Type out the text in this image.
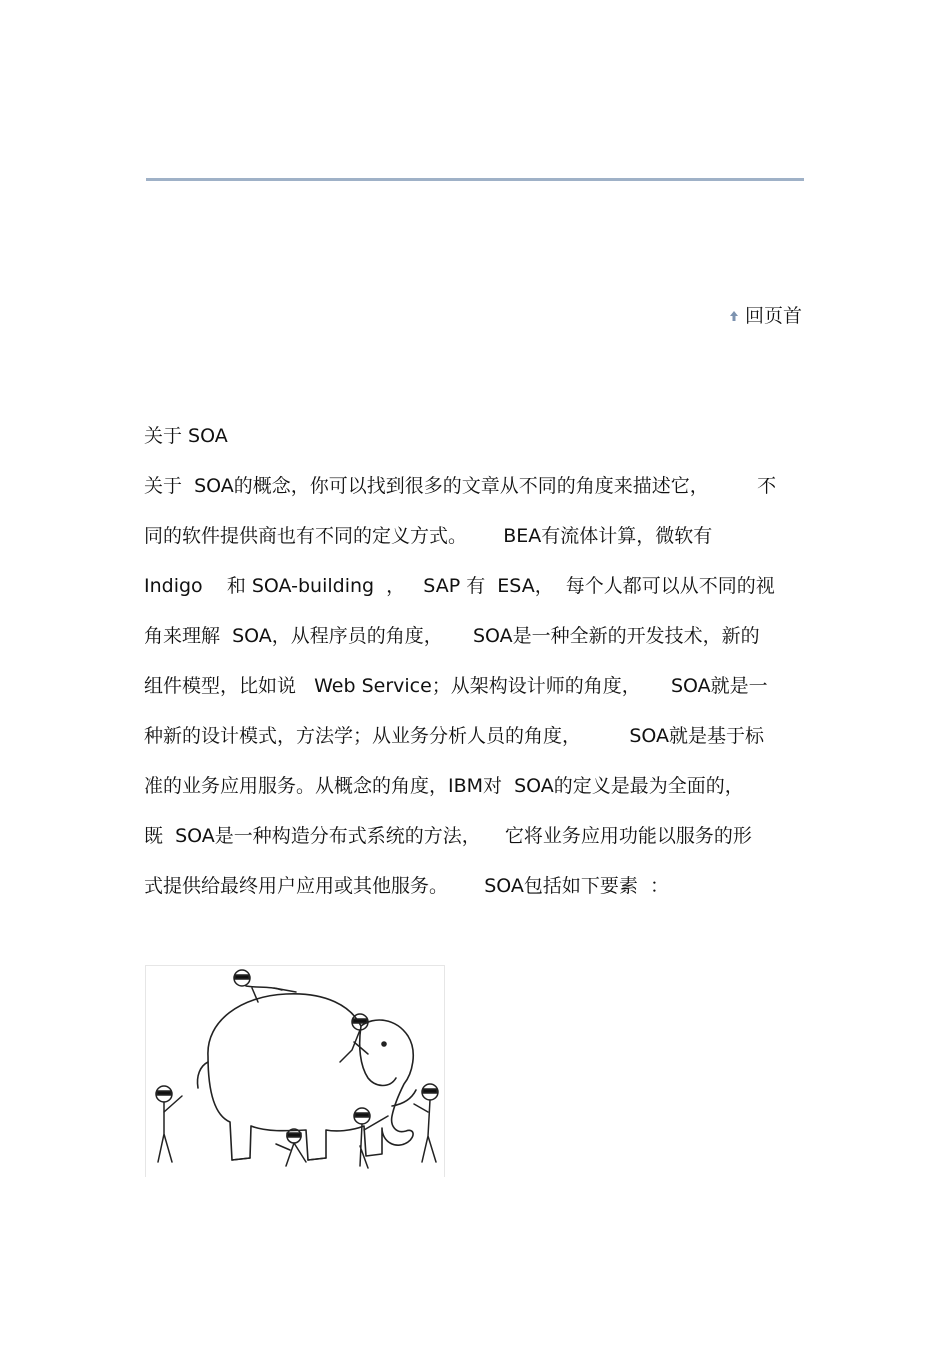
回页首
关于 SOA
关于  SOA的概念，你可以找到很多的文章从不同的角度来描述它，        不
同的软件提供商也有不同的定义方式。      BEA有流体计算，微软有
Indigo    和 SOA-building  ，   SAP 有  ESA，  每个人都可以从不同的视
角来理解  SOA，从程序员的角度，     SOA是一种全新的开发技术，新的
组件模型，比如说   Web Service；从架构设计师的角度，     SOA就是一
种新的设计模式，方法学；从业务分析人员的角度，        SOA就是基于标
准的业务应用服务。从概念的角度，IBM对  SOA的定义是最为全面的，
既  SOA是一种构造分布式系统的方法，    它将业务应用功能以服务的形
式提供给最终用户应用或其他服务。      SOA包括如下要素  ：
